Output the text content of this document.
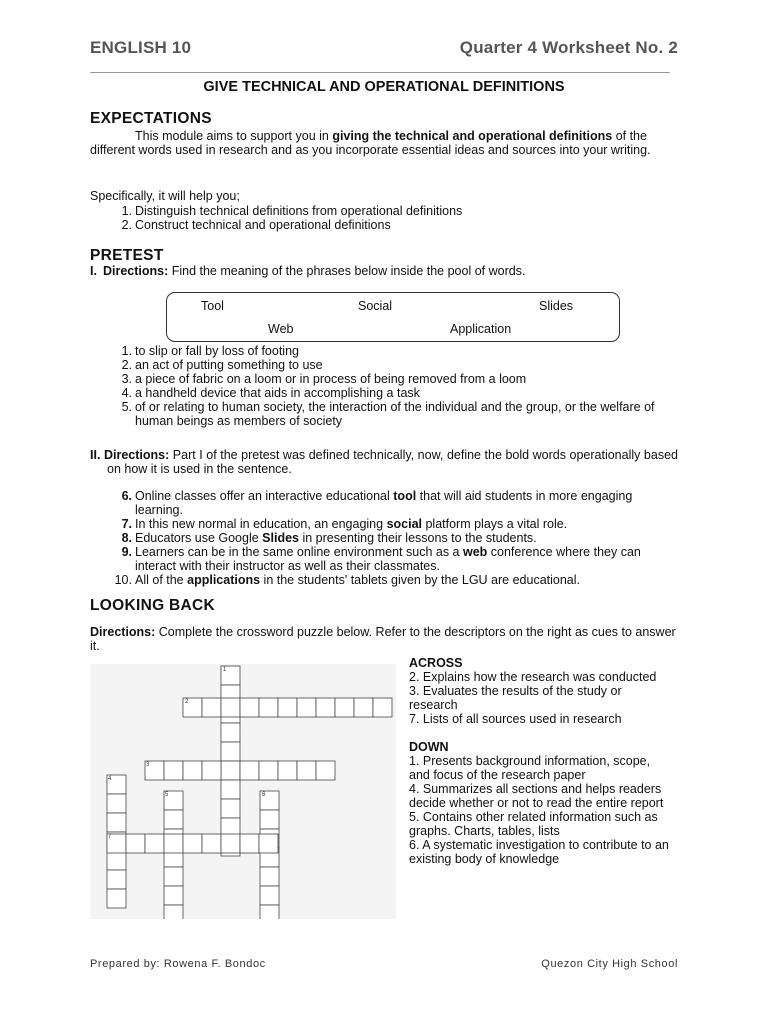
ENGLISH 10	Quarter 4 Worksheet No. 2
GIVE TECHNICAL AND OPERATIONAL DEFINITIONS
EXPECTATIONS
This module aims to support you in giving the technical and operational definitions of the different words used in research and as you incorporate essential ideas and sources into your writing.
Specifically, it will help you;
1. Distinguish technical definitions from operational definitions
2. Construct technical and operational definitions
PRETEST
I. Directions: Find the meaning of the phrases below inside the pool of words.
Tool	Social	Slides
Web	Application
1. to slip or fall by loss of footing
2. an act of putting something to use
3. a piece of fabric on a loom or in process of being removed from a loom
4. a handheld device that aids in accomplishing a task
5. of or relating to human society, the interaction of the individual and the group, or the welfare of human beings as members of society
II. Directions: Part I of the pretest was defined technically, now, define the bold words operationally based on how it is used in the sentence.
6. Online classes offer an interactive educational tool that will aid students in more engaging learning.
7. In this new normal in education, an engaging social platform plays a vital role.
8. Educators use Google Slides in presenting their lessons to the students.
9. Learners can be in the same online environment such as a web conference where they can interact with their instructor as well as their classmates.
10. All of the applications in the students' tablets given by the LGU are educational.
LOOKING BACK
Directions: Complete the crossword puzzle below. Refer to the descriptors on the right as cues to answer it.
1
2
3
4
5	6
7
ACROSS
2. Explains how the research was conducted
3. Evaluates the results of the study or research
7. Lists of all sources used in research
DOWN
1. Presents background information, scope, and focus of the research paper
4. Summarizes all sections and helps readers decide whether or not to read the entire report
5. Contains other related information such as graphs. Charts, tables, lists
6. A systematic investigation to contribute to an existing body of knowledge
Prepared by: Rowena F. Bondoc	Quezon City High School
